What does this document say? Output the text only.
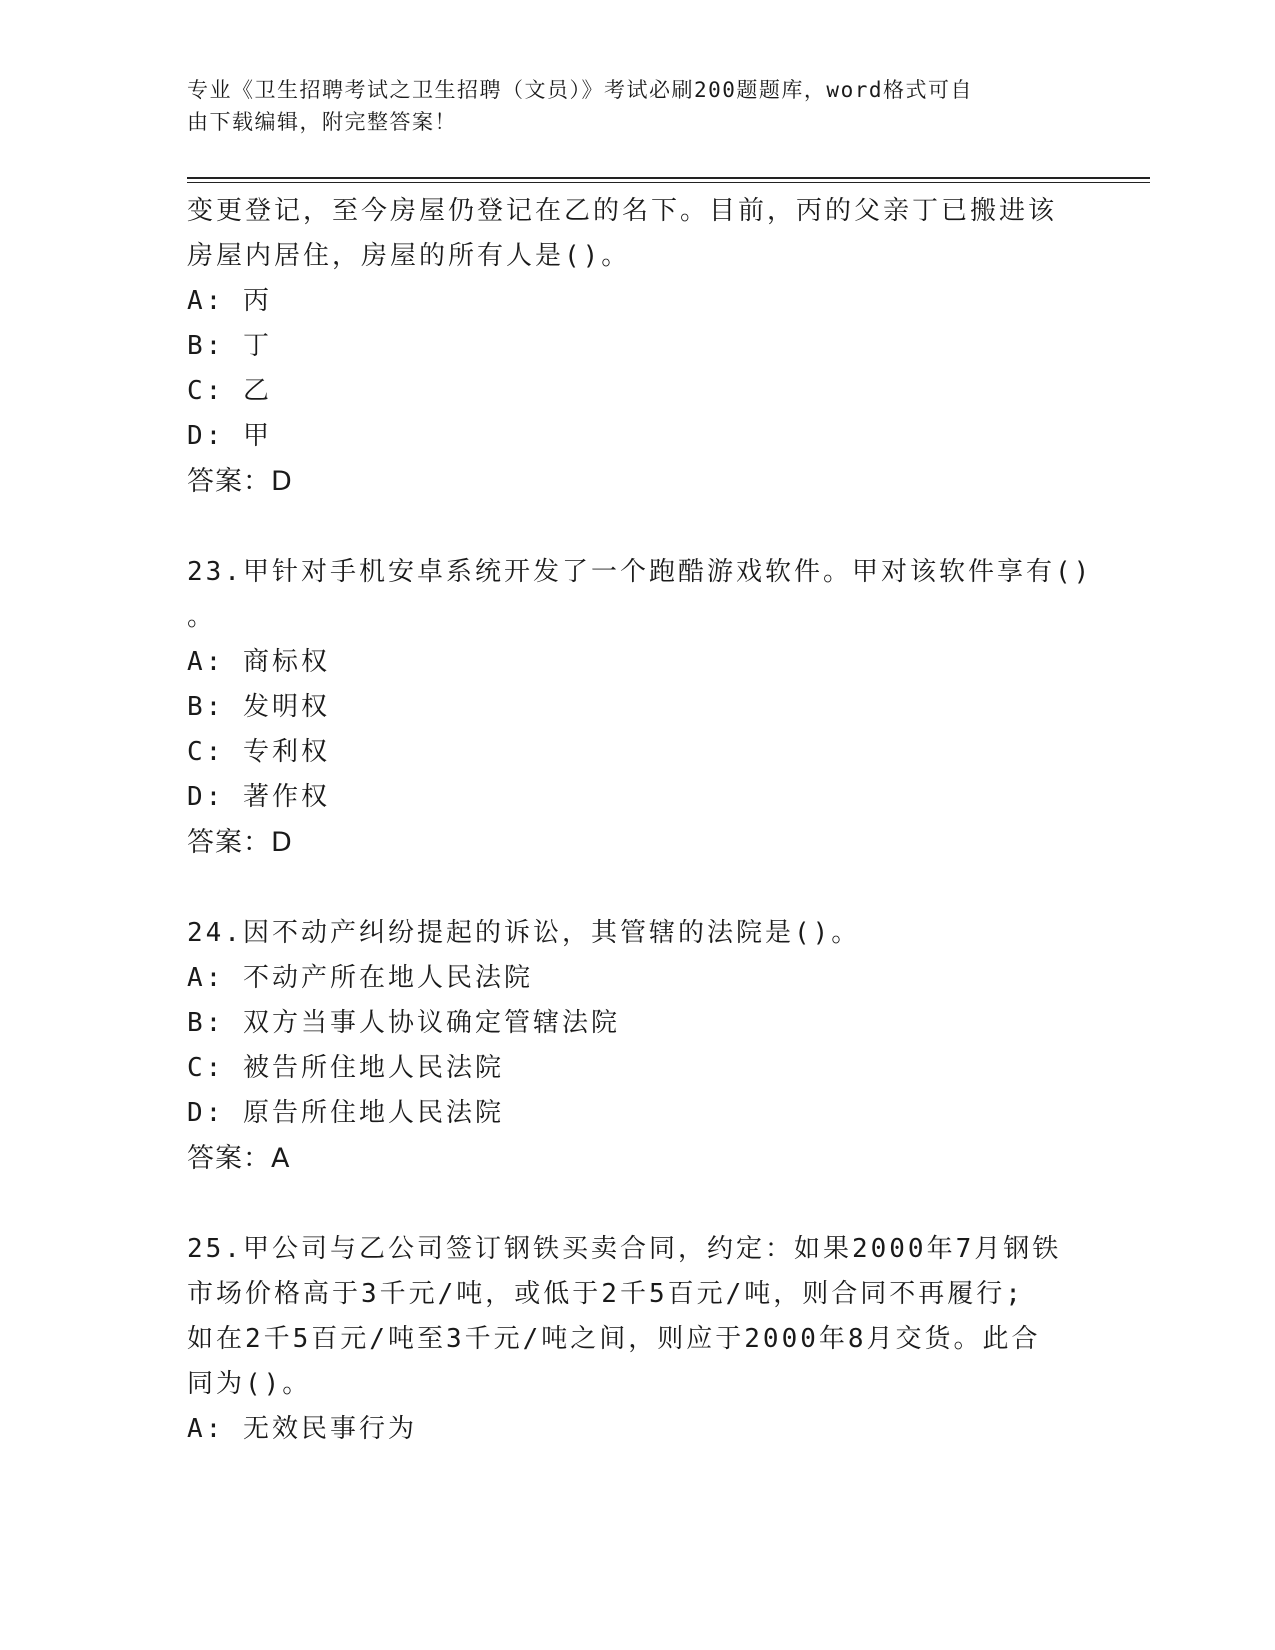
专业《卫生招聘考试之卫生招聘（文员）》考试必刷200题题库，word格式可自
由下载编辑，附完整答案！
变更登记，至今房屋仍登记在乙的名下。目前，丙的父亲丁已搬进该
房屋内居住，房屋的所有人是()。
A: 丙
B: 丁
C: 乙
D: 甲
答案：D
23.甲针对手机安卓系统开发了一个跑酷游戏软件。甲对该软件享有()
。
A: 商标权
B: 发明权
C: 专利权
D: 著作权
答案：D
24.因不动产纠纷提起的诉讼，其管辖的法院是()。
A: 不动产所在地人民法院
B: 双方当事人协议确定管辖法院
C: 被告所住地人民法院
D: 原告所住地人民法院
答案：A
25.甲公司与乙公司签订钢铁买卖合同，约定：如果2000年7月钢铁
市场价格高于3千元/吨，或低于2千5百元/吨，则合同不再履行;
如在2千5百元/吨至3千元/吨之间，则应于2000年8月交货。此合
同为()。
A: 无效民事行为
